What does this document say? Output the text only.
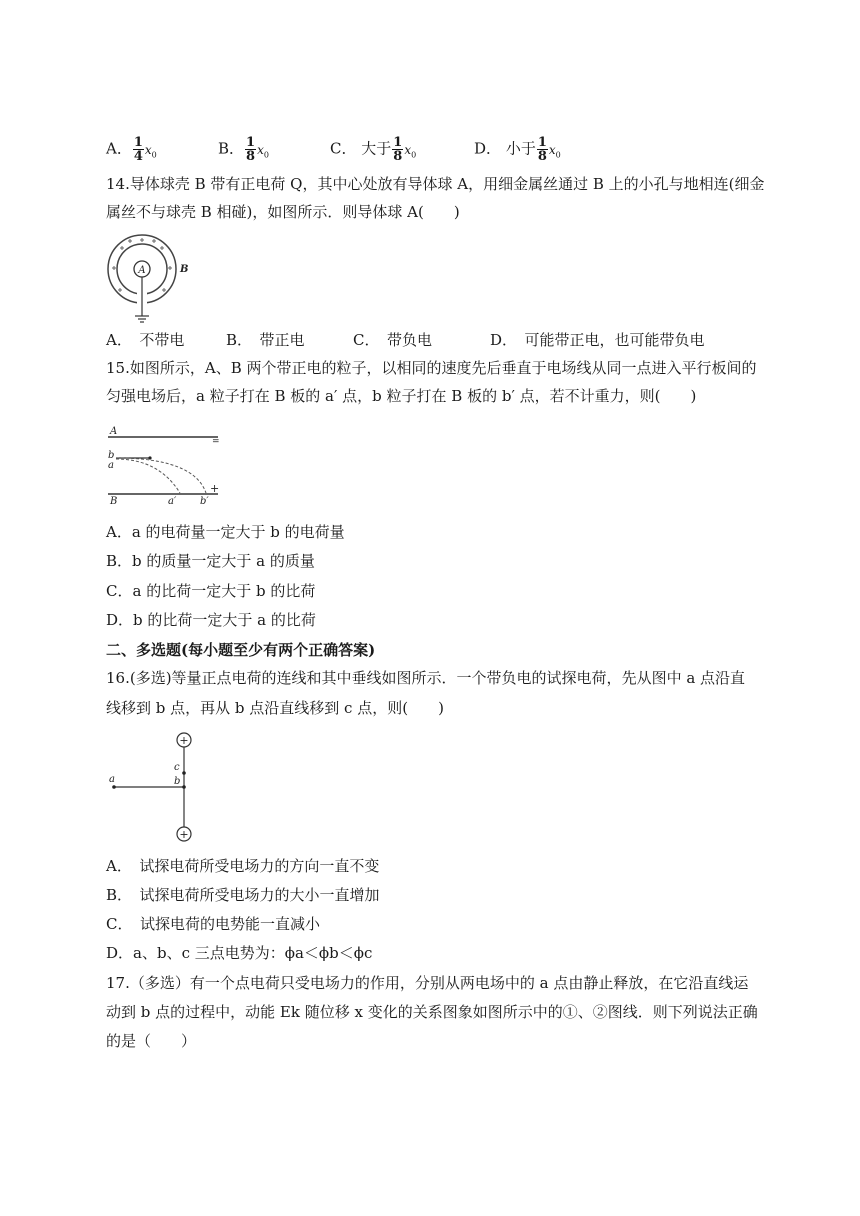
A． $\frac{1}{4} x_0$	B． $\frac{1}{8} x_0$	C． 大于 $\frac{1}{8} x_0$	D． 小于 $\frac{1}{8} x_0$
14.导体球壳 B 带有正电荷 Q，其中心处放有导体球 A，用细金属丝通过 B 上的小孔与地相连(细金
属丝不与球壳 B 相碰)，如图所示．则导体球 A(　　)
A	B
A．　不带电	B．　带正电	C．　带负电	D．　可能带正电，也可能带负电
15.如图所示，A、B 两个带正电的粒子，以相同的速度先后垂直于电场线从同一点进入平行板间的
匀强电场后，a 粒子打在 B 板的 a′ 点，b 粒子打在 B 板的 b′ 点，若不计重力，则(　　)
A
=
b
a
+
B	a′ b′
A．a 的电荷量一定大于 b 的电荷量
B．b 的质量一定大于 a 的质量
C．a 的比荷一定大于 b 的比荷
D．b 的比荷一定大于 a 的比荷
二、多选题(每小题至少有两个正确答案)
16.(多选)等量正点电荷的连线和其中垂线如图所示．一个带负电的试探电荷，先从图中 a 点沿直
线移到 b 点，再从 b 点沿直线移到 c 点，则(　　)
+
+
a	b
c
A．　试探电荷所受电场力的方向一直不变
B．　试探电荷所受电场力的大小一直增加
C．　试探电荷的电势能一直减小
D．a、b、c 三点电势为：ϕa＜ϕb＜ϕc
17.（多选）有一个点电荷只受电场力的作用，分别从两电场中的 a 点由静止释放，在它沿直线运
动到 b 点的过程中，动能 Ek 随位移 x 变化的关系图象如图所示中的①、②图线．则下列说法正确
的是（　　）
